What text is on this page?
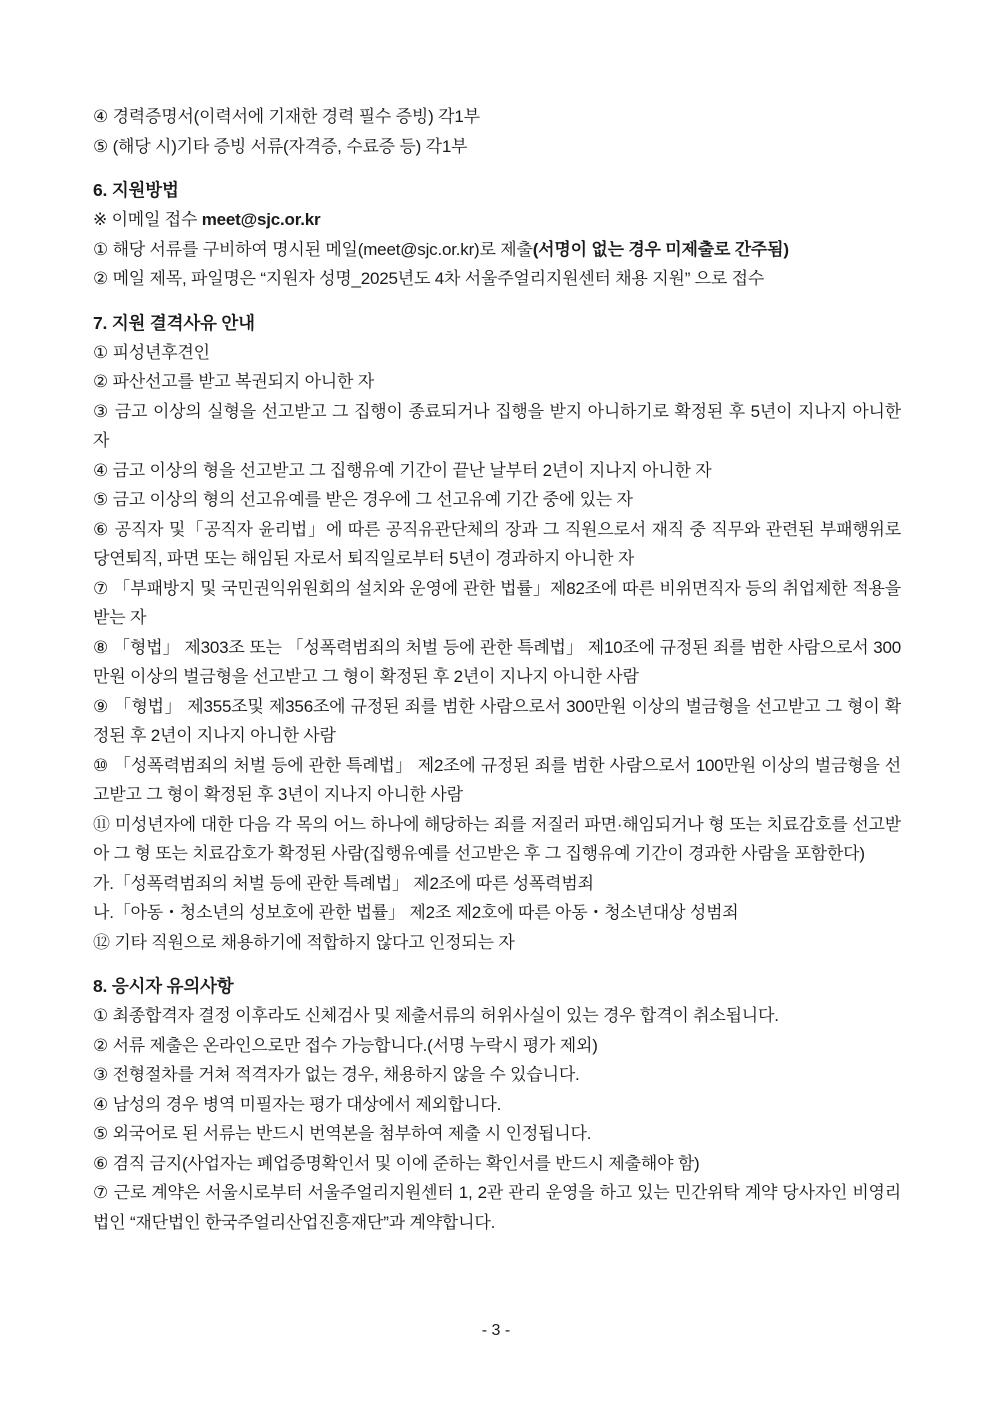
④ 경력증명서(이력서에 기재한 경력 필수 증빙) 각1부

⑤ (해당 시)기타 증빙 서류(자격증, 수료증 등) 각1부

6. 지원방법

※ 이메일 접수 meet@sjc.or.kr

① 해당 서류를 구비하여 명시된 메일(meet@sjc.or.kr)로 제출(서명이 없는 경우 미제출로 간주됨)

② 메일 제목, 파일명은 “지원자 성명_2025년도 4차 서울주얼리지원센터 채용 지원” 으로 접수

7. 지원 결격사유 안내

① 피성년후견인

② 파산선고를 받고 복권되지 아니한 자

③ 금고 이상의 실형을 선고받고 그 집행이 종료되거나 집행을 받지 아니하기로 확정된 후 5년이 지나지 아니한 자

④ 금고 이상의 형을 선고받고 그 집행유예 기간이 끝난 날부터 2년이 지나지 아니한 자

⑤ 금고 이상의 형의 선고유예를 받은 경우에 그 선고유예 기간 중에 있는 자

⑥ 공직자 및「공직자 윤리법」에 따른 공직유관단체의 장과 그 직원으로서 재직 중 직무와 관련된 부패행위로 당연퇴직, 파면 또는 해임된 자로서 퇴직일로부터 5년이 경과하지 아니한 자

⑦ 「부패방지 및 국민권익위원회의 설치와 운영에 관한 법률」제82조에 따른 비위면직자 등의 취업제한 적용을 받는 자

⑧ 「형법」 제303조 또는 「성폭력범죄의 처벌 등에 관한 특례법」 제10조에 규정된 죄를 범한 사람으로서 300만원 이상의 벌금형을 선고받고 그 형이 확정된 후 2년이 지나지 아니한 사람

⑨ 「형법」 제355조및 제356조에 규정된 죄를 범한 사람으로서 300만원 이상의 벌금형을 선고받고 그 형이 확정된 후 2년이 지나지 아니한 사람

⑩ 「성폭력범죄의 처벌 등에 관한 특례법」 제2조에 규정된 죄를 범한 사람으로서 100만원 이상의 벌금형을 선고받고 그 형이 확정된 후 3년이 지나지 아니한 사람

⑪ 미성년자에 대한 다음 각 목의 어느 하나에 해당하는 죄를 저질러 파면·해임되거나 형 또는 치료감호를 선고받아 그 형 또는 치료감호가 확정된 사람(집행유예를 선고받은 후 그 집행유예 기간이 경과한 사람을 포함한다)

가.「성폭력범죄의 처벌 등에 관한 특례법」 제2조에 따른 성폭력범죄

나.「아동・청소년의 성보호에 관한 법률」 제2조 제2호에 따른 아동・청소년대상 성범죄

⑫ 기타 직원으로 채용하기에 적합하지 않다고 인정되는 자

8. 응시자 유의사항

① 최종합격자 결정 이후라도 신체검사 및 제출서류의 허위사실이 있는 경우 합격이 취소됩니다.

② 서류 제출은 온라인으로만 접수 가능합니다.(서명 누락시 평가 제외)

③ 전형절차를 거쳐 적격자가 없는 경우, 채용하지 않을 수 있습니다.

④ 남성의 경우 병역 미필자는 평가 대상에서 제외합니다.

⑤ 외국어로 된 서류는 반드시 번역본을 첨부하여 제출 시 인정됩니다.

⑥ 겸직 금지(사업자는 폐업증명확인서 및 이에 준하는 확인서를 반드시 제출해야 함)

⑦ 근로 계약은 서울시로부터 서울주얼리지원센터 1, 2관 관리 운영을 하고 있는 민간위탁 계약 당사자인 비영리법인 “재단법인 한국주얼리산업진흥재단”과 계약합니다.

- 3 -
